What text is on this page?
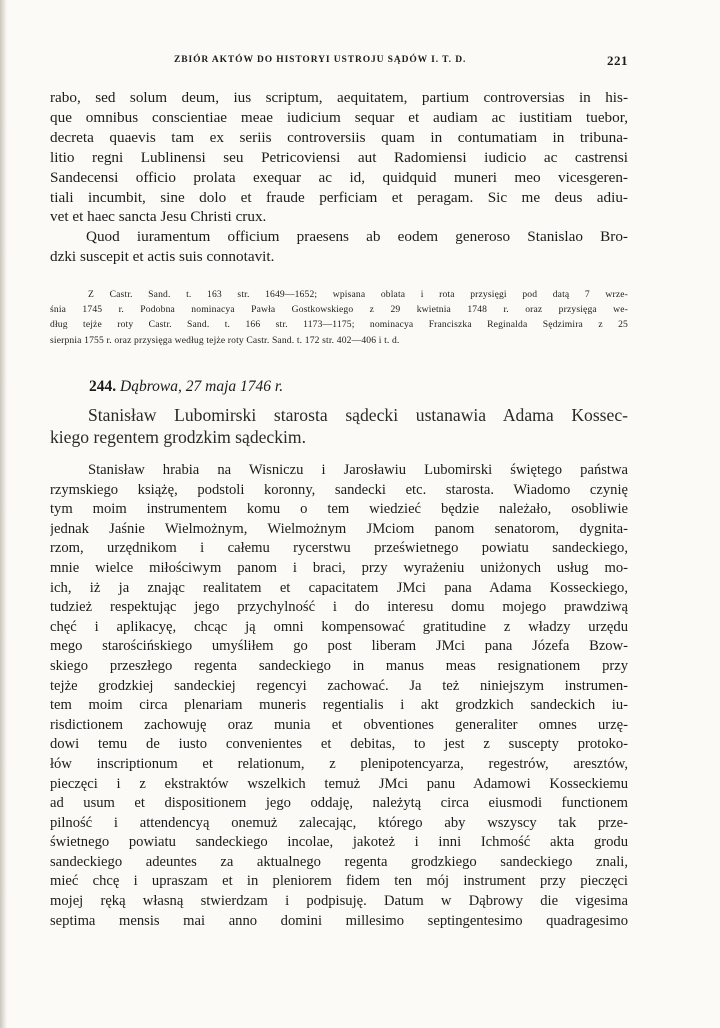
ZBIÓR AKTÓW DO HISTORYI USTROJU SĄDÓW I. T. D.	221
rabo, sed solum deum, ius scriptum, aequitatem, partium controversias in his-
que omnibus conscientiae meae iudicium sequar et audiam ac iustitiam tuebor,
decreta quaevis tam ex seriis controversiis quam in contumatiam in tribuna-
litio regni Lublinensi seu Petricoviensi aut Radomiensi iudicio ac castrensi
Sandecensi officio prolata exequar ac id, quidquid muneri meo vicesgeren-
tiali incumbit, sine dolo et fraude perficiam et peragam. Sic me deus adiu-
vet et haec sancta Jesu Christi crux.
Quod iuramentum officium praesens ab eodem generoso Stanislao Bro-
dzki suscepit et actis suis connotavit.
Z Castr. Sand. t. 163 str. 1649—1652; wpisana oblata i rota przysięgi pod datą 7 wrze-
śnia 1745 r. Podobna nominacya Pawła Gostkowskiego z 29 kwietnia 1748 r. oraz przysięga we-
dług tejże roty Castr. Sand. t. 166 str. 1173—1175; nominacya Franciszka Reginalda Sędzimira z 25
sierpnia 1755 r. oraz przysięga według tejże roty Castr. Sand. t. 172 str. 402—406 i t. d.
244. Dąbrowa, 27 maja 1746 r.
Stanisław Lubomirski starosta sądecki ustanawia Adama Kossec-
kiego regentem grodzkim sądeckim.
Stanisław hrabia na Wisniczu i Jarosławiu Lubomirski świętego państwa
rzymskiego książę, podstoli koronny, sandecki etc. starosta. Wiadomo czynię
tym moim instrumentem komu o tem wiedzieć będzie należało, osobliwie
jednak Jaśnie Wielmożnym, Wielmożnym JMciom panom senatorom, dygnita-
rzom, urzędnikom i całemu rycerstwu prześwietnego powiatu sandeckiego,
mnie wielce miłościwym panom i braci, przy wyrażeniu uniżonych usług mo-
ich, iż ja znając realitatem et capacitatem JMci pana Adama Kosseckiego,
tudzież respektując jego przychylność i do interesu domu mojego prawdziwą
chęć i aplikacyę, chcąc ją omni kompensować gratitudine z władzy urzędu
mego starościńskiego umyśliłem go post liberam JMci pana Józefa Bzow-
skiego przeszłego regenta sandeckiego in manus meas resignationem przy
tejże grodzkiej sandeckiej regencyi zachować. Ja też niniejszym instrumen-
tem moim circa plenariam muneris regentialis i akt grodzkich sandeckich iu-
risdictionem zachowuję oraz munia et obventiones generaliter omnes urzę-
dowi temu de iusto convenientes et debitas, to jest z suscepty protoko-
łów inscriptionum et relationum, z plenipotencyarza, regestrów, aresztów,
pieczęci i z ekstraktów wszelkich temuż JMci panu Adamowi Kosseckiemu
ad usum et dispositionem jego oddaję, należytą circa eiusmodi functionem
pilność i attendencyą onemuż zalecając, którego aby wszyscy tak prze-
świetnego powiatu sandeckiego incolae, jakoteż i inni Ichmość akta grodu
sandeckiego adeuntes za aktualnego regenta grodzkiego sandeckiego znali,
mieć chcę i upraszam et in pleniorem fidem ten mój instrument przy pieczęci
mojej ręką własną stwierdzam i podpisuję. Datum w Dąbrowy die vigesima
septima mensis mai anno domini millesimo septingentesimo quadragesimo
